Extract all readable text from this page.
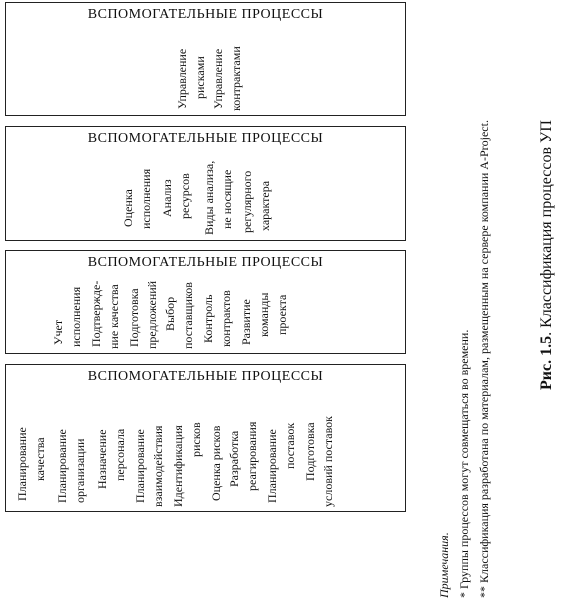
ВСПОМОГАТЕЛЬНЫЕ ПРОЦЕССЫ
Управление рисками Управление контрактами
ВСПОМОГАТЕЛЬНЫЕ ПРОЦЕССЫ
Оценка исполнения Анализ ресурсов Виды анализа, не носящие регулярного характера
ВСПОМОГАТЕЛЬНЫЕ ПРОЦЕССЫ
Учет исполнения Подтвержде- ние качества Подготовка предложений Выбор поставщиков Контроль контрактов Развитие команды проекта
ВСПОМОГАТЕЛЬНЫЕ ПРОЦЕССЫ
Планирование качества Планирование организации Назначение персонала Планирование взаимодействия Идентификация рисков Оценка рисков Разработка реагирования Планирование поставок Подготовка условий поставок
Примечания. * Группы процессов могут совмещаться во времени. ** Классификация разработана по материалам, размещенным на сервере компании A-Project.	Рис. 1.5. Классификация процессов УП
